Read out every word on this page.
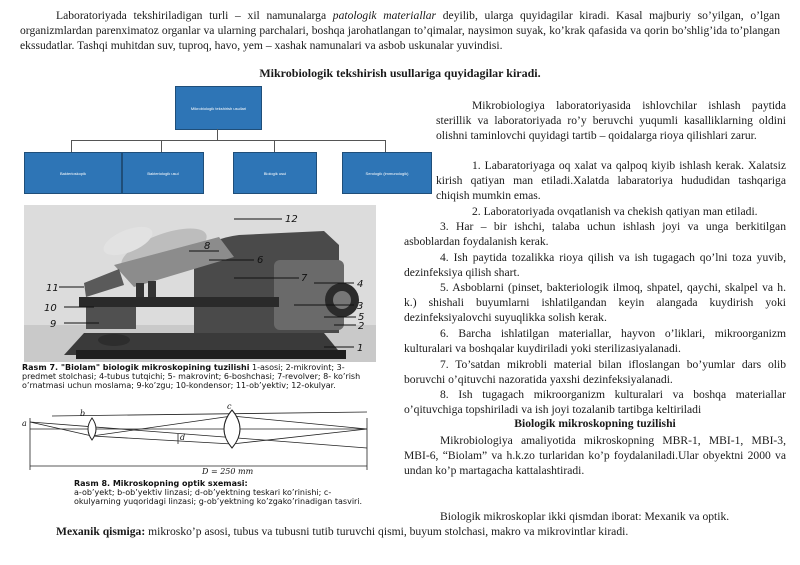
Laboratoriyada tekshiriladigan turli – xil namunalarga patologik materiallar deyilib, ularga quyidagilar kiradi. Kasal majburiy so’yilgan, o’lgan organizmlardan parenximatoz organlar va ularning parchalari, boshqa jarohatlangan to’qimalar, naysimon suyak, ko’krak qafasida va qorin bo’shlig’ida to’plangan ekssudatlar. Tashqi muhitdan suv, tuproq, havo, yem – xashak namunalari va asbob uskunalar yuvindisi.
Mikrobiologik tekshirish usullariga quyidagilar kiradi.
Mikrobiologik tekshirish usullari
Bakterioskopik	Bakteriologik usul	Biologik usul	Serologik (immunologik)
12
8
6
7
11	4
3
5
10
9	2
1
Rasm 7. "Biolam" biologik mikroskopining tuzilishi 1-asosi; 2-mikrovint; 3-predmet stolchasi; 4-tubus tutqichi; 5- makrovint; 6-boshchasi; 7-revolver; 8- ko’rish o’rnatmasi uchun moslama; 9-ko’zgu; 10-kondensor; 11-ob’yektiv; 12-okulyar.
a
b
c
d
D = 250 mm
Rasm 8. Mikroskopning optik sxemasi:
a-ob’yekt; b-ob’yektiv linzasi; d-ob’yektning teskari ko’rinishi; c-okulyarning yuqoridagi linzasi; g-ob’yektning ko’zgako’rinadigan tasviri.
Mikrobiologiya laboratoriyasida ishlovchilar ishlash paytida sterillik va laboratoriyada ro’y beruvchi yuqumli kasalliklarning oldini olishni taminlovchi quyidagi tartib – qoidalarga rioya qilishlari zarur.
1. Labaratoriyaga oq xalat va qalpoq kiyib ishlash kerak. Xalatsiz kirish qatiyan man etiladi.Xalatda labaratoriya hududidan tashqariga chiqish mumkin emas.
2. Laboratoriyada ovqatlanish va chekish qatiyan man etiladi.
3. Har – bir ishchi, talaba uchun ishlash joyi va unga berkitilgan asboblardan foydalanish kerak.
4. Ish paytida tozalikka rioya qilish va ish tugagach qo’lni toza yuvib, dezinfeksiya qilish shart.
5. Asboblarni (pinset, bakteriologik ilmoq, shpatel, qaychi, skalpel va h. k.) shishali buyumlarni ishlatilgandan keyin alangada kuydirish yoki dezinfeksiyalovchi suyuqlikka solish kerak.
6. Barcha ishlatilgan materiallar, hayvon o’liklari, mikroorganizm kulturalari va boshqalar kuydiriladi yoki sterilizasiyalanadi.
7. To’satdan mikrobli material bilan ifloslangan bo’yumlar dars olib boruvchi o’qituvchi nazoratida yaxshi dezinfeksiyalanadi.
8. Ish tugagach mikroorganizm kulturalari va boshqa materiallar o’qituvchiga topshiriladi va ish joyi tozalanib tartibga keltiriladi
Biologik mikroskopning tuzilishi
Mikrobiologiya amaliyotida mikroskopning MBR-1, MBI-1, MBI-3, MBI-6, “Biolam” va h.k.zo turlaridan ko’p foydalaniladi.Ular obyektni 2000 va undan ko’p martagacha kattalashtiradi.
Biologik mikroskoplar ikki qismdan iborat: Mexanik va optik.
Mexanik qismiga: mikrosko’p asosi, tubus va tubusni tutib turuvchi qismi, buyum stolchasi, makro va mikrovintlar kiradi.
